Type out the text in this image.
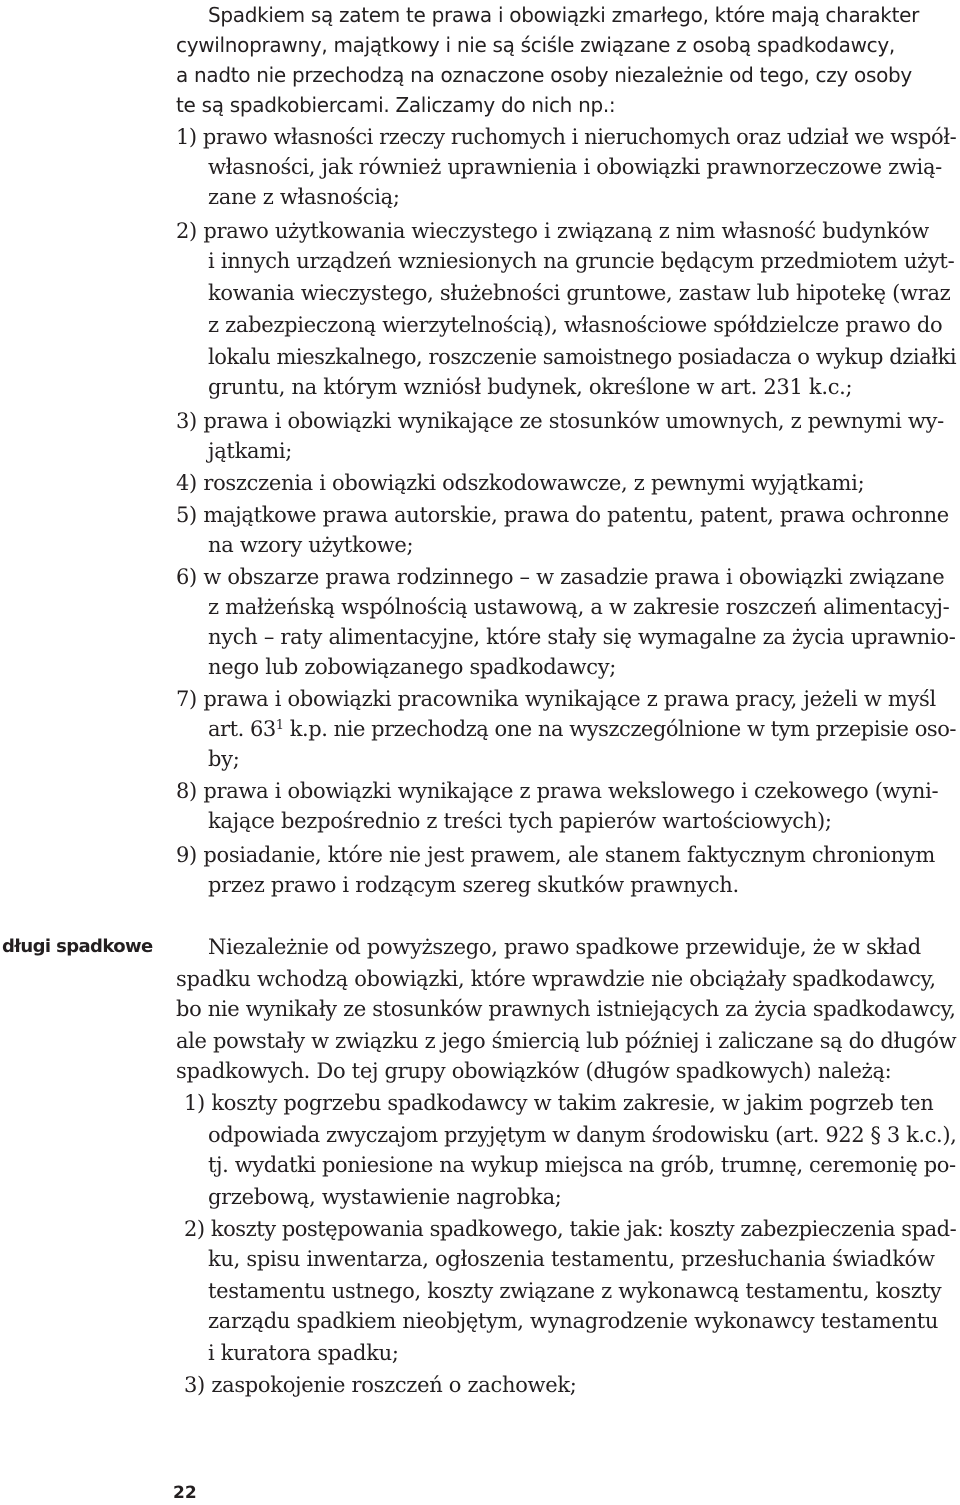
Spadkiem są zatem te prawa i obowiązki zmarłego, które mają charakter
cywilnoprawny, majątkowy i nie są ściśle związane z osobą spadkodawcy,
a nadto nie przechodzą na oznaczone osoby niezależnie od tego, czy osoby
te są spadkobiercami. Zaliczamy do nich np.:
1) prawo własności rzeczy ruchomych i nieruchomych oraz udział we współ-
własności, jak również uprawnienia i obowiązki prawnorzeczowe zwią-
zane z własnością;
2) prawo użytkowania wieczystego i związaną z nim własność budynków
i innych urządzeń wzniesionych na gruncie będącym przedmiotem użyt-
kowania wieczystego, służebności gruntowe, zastaw lub hipotekę (wraz
z zabezpieczoną wierzytelnością), własnościowe spółdzielcze prawo do
lokalu mieszkalnego, roszczenie samoistnego posiadacza o wykup działki
gruntu, na którym wzniósł budynek, określone w art. 231 k.c.;
3) prawa i obowiązki wynikające ze stosunków umownych, z pewnymi wy-
jątkami;
4) roszczenia i obowiązki odszkodowawcze, z pewnymi wyjątkami;
5) majątkowe prawa autorskie, prawa do patentu, patent, prawa ochronne
na wzory użytkowe;
6) w obszarze prawa rodzinnego – w zasadzie prawa i obowiązki związane
z małżeńską wspólnością ustawową, a w zakresie roszczeń alimentacyj-
nych – raty alimentacyjne, które stały się wymagalne za życia uprawnio-
nego lub zobowiązanego spadkodawcy;
7) prawa i obowiązki pracownika wynikające z prawa pracy, jeżeli w myśl
art. $63^1$ k.p. nie przechodzą one na wyszczególnione w tym przepisie oso-
by;
8) prawa i obowiązki wynikające z prawa wekslowego i czekowego (wyni-
kające bezpośrednio z treści tych papierów wartościowych);
9) posiadanie, które nie jest prawem, ale stanem faktycznym chronionym
przez prawo i rodzącym szereg skutków prawnych.
długi spadkowe	Niezależnie od powyższego, prawo spadkowe przewiduje, że w skład
spadku wchodzą obowiązki, które wprawdzie nie obciążały spadkodawcy,
bo nie wynikały ze stosunków prawnych istniejących za życia spadkodawcy,
ale powstały w związku z jego śmiercią lub później i zaliczane są do długów
spadkowych. Do tej grupy obowiązków (długów spadkowych) należą:
1) koszty pogrzebu spadkodawcy w takim zakresie, w jakim pogrzeb ten
odpowiada zwyczajom przyjętym w danym środowisku (art. 922 § 3 k.c.),
tj. wydatki poniesione na wykup miejsca na grób, trumnę, ceremonię po-
grzebową, wystawienie nagrobka;
2) koszty postępowania spadkowego, takie jak: koszty zabezpieczenia spad-
ku, spisu inwentarza, ogłoszenia testamentu, przesłuchania świadków
testamentu ustnego, koszty związane z wykonawcą testamentu, koszty
zarządu spadkiem nieobjętym, wynagrodzenie wykonawcy testamentu
i kuratora spadku;
3) zaspokojenie roszczeń o zachowek;
22
